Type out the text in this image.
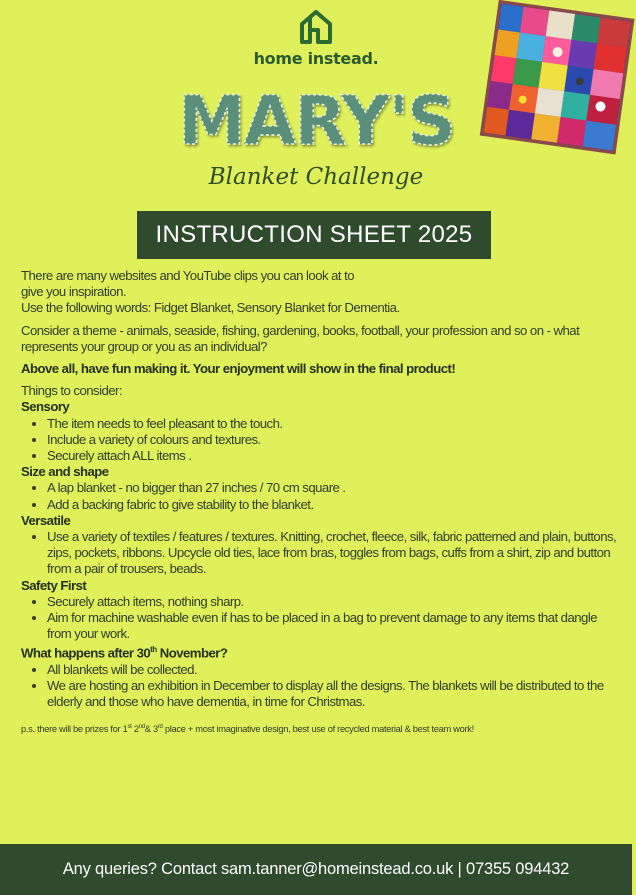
home instead.
MARY'S
Blanket Challenge
INSTRUCTION SHEET 2025

There are many websites and YouTube clips you can look at to

give you inspiration.

Use the following words: Fidget Blanket, Sensory Blanket for Dementia.

Consider a theme - animals, seaside, fishing, gardening, books, football, your profession and so on - what represents your group or you as an individual?

Above all, have fun making it. Your enjoyment will show in the final product!

Things to consider:

Sensory

• The item needs to feel pleasant to the touch.
• Include a variety of colours and textures.
• Securely attach ALL items .

Size and shape

• A lap blanket - no bigger than 27 inches / 70 cm square .
• Add a backing fabric to give stability to the blanket.

Versatile

• Use a variety of textiles / features / textures. Knitting, crochet, fleece, silk, fabric patterned and plain, buttons, zips, pockets, ribbons. Upcycle old ties, lace from bras, toggles from bags, cuffs from a shirt, zip and button from a pair of trousers, beads.

Safety First

• Securely attach items, nothing sharp.
• Aim for machine washable even if has to be placed in a bag to prevent damage to any items that dangle from your work.

What happens after 30th November?

• All blankets will be collected.
• We are hosting an exhibition in December to display all the designs. The blankets will be distributed to the elderly and those who have dementia, in time for Christmas.

p.s. there will be prizes for 1st 2nd& 3rd place + most imaginative design, best use of recycled material & best team work!

Any queries? Contact sam.tanner@homeinstead.co.uk | 07355 094432
